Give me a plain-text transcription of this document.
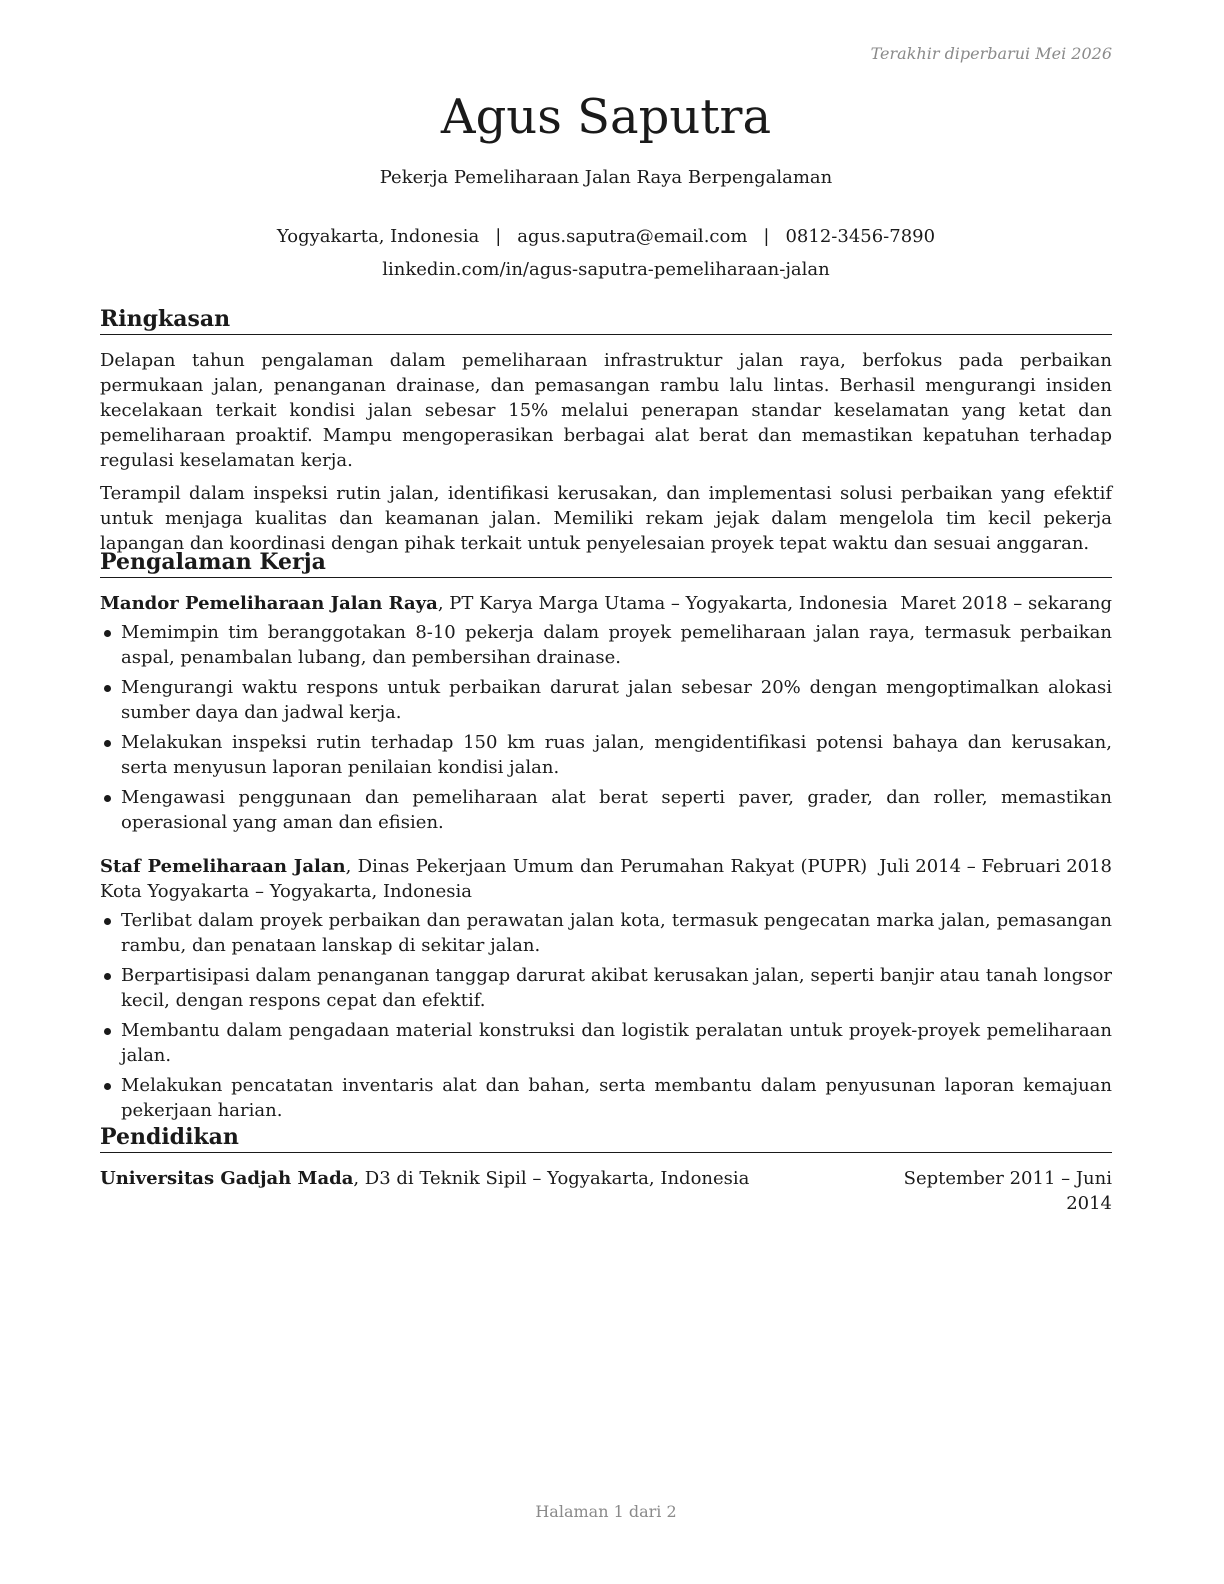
Terakhir diperbarui Mei 2026
Agus Saputra
Pekerja Pemeliharaan Jalan Raya Berpengalaman
Yogyakarta, Indonesia | agus.saputra@email.com | 0812-3456-7890
linkedin.com/in/agus-saputra-pemeliharaan-jalan
Ringkasan

Delapan tahun pengalaman dalam pemeliharaan infrastruktur jalan raya, berfokus pada perbaikan permukaan jalan, penanganan drainase, dan pemasangan rambu lalu lintas. Berhasil mengurangi insiden kecelakaan terkait kondisi jalan sebesar 15% melalui penerapan standar keselamatan yang ketat dan pemeliharaan proaktif. Mampu mengoperasikan berbagai alat berat dan memastikan kepatuhan terhadap regulasi keselamatan kerja.

Terampil dalam inspeksi rutin jalan, identifikasi kerusakan, dan implementasi solusi perbaikan yang efektif untuk menjaga kualitas dan keamanan jalan. Memiliki rekam jejak dalam mengelola tim kecil pekerja lapangan dan koordinasi dengan pihak terkait untuk penyelesaian proyek tepat waktu dan sesuai anggaran.

Pengalaman Kerja
Mandor Pemeliharaan Jalan Raya, PT Karya Marga Utama – Yogyakarta, Indonesia Maret 2018 – sekarang
Memimpin tim beranggotakan 8-10 pekerja dalam proyek pemeliharaan jalan raya, termasuk perbaikan aspal, penambalan lubang, dan pembersihan drainase.
Mengurangi waktu respons untuk perbaikan darurat jalan sebesar 20% dengan mengoptimalkan alokasi sumber daya dan jadwal kerja.
Melakukan inspeksi rutin terhadap 150 km ruas jalan, mengidentifikasi potensi bahaya dan kerusakan, serta menyusun laporan penilaian kondisi jalan.
Mengawasi penggunaan dan pemeliharaan alat berat seperti paver, grader, dan roller, memastikan operasional yang aman dan efisien.
Staf Pemeliharaan Jalan, Dinas Pekerjaan Umum dan Perumahan Rakyat (PUPR) Kota Yogyakarta – Yogyakarta, Indonesia
Juli 2014 – Februari 2018
Terlibat dalam proyek perbaikan dan perawatan jalan kota, termasuk pengecatan marka jalan, pemasangan rambu, dan penataan lanskap di sekitar jalan.
Berpartisipasi dalam penanganan tanggap darurat akibat kerusakan jalan, seperti banjir atau tanah longsor kecil, dengan respons cepat dan efektif.
Membantu dalam pengadaan material konstruksi dan logistik peralatan untuk proyek-proyek pemeliharaan jalan.
Melakukan pencatatan inventaris alat dan bahan, serta membantu dalam penyusunan laporan kemajuan pekerjaan harian.
Pendidikan
Universitas Gadjah Mada, D3 di Teknik Sipil – Yogyakarta, Indonesia	September 2011 – Juni 2014
Halaman 1 dari 2
